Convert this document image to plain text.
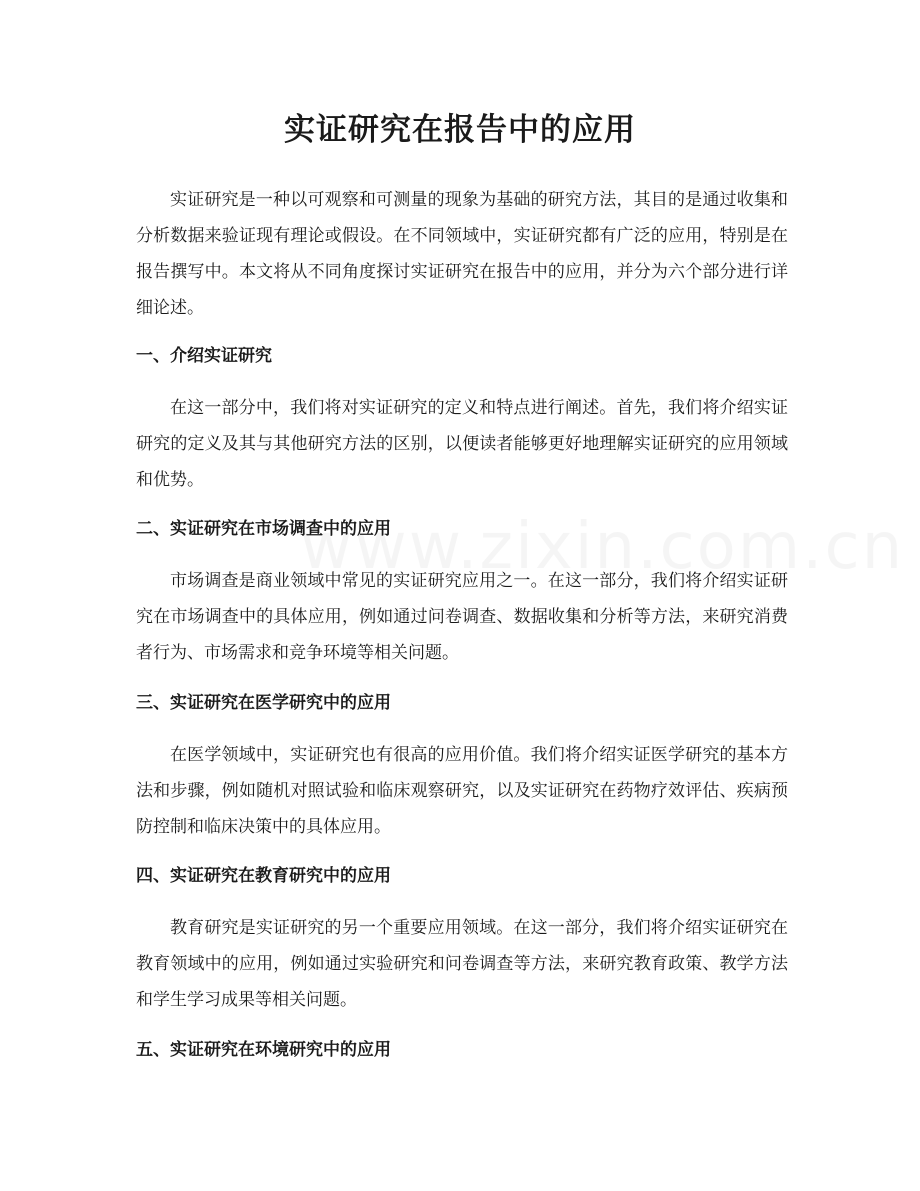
实证研究在报告中的应用

实证研究是一种以可观察和可测量的现象为基础的研究方法，其目的是通过收集和分析数据来验证现有理论或假设。在不同领域中，实证研究都有广泛的应用，特别是在报告撰写中。本文将从不同角度探讨实证研究在报告中的应用，并分为六个部分进行详细论述。

一、介绍实证研究

在这一部分中，我们将对实证研究的定义和特点进行阐述。首先，我们将介绍实证研究的定义及其与其他研究方法的区别，以便读者能够更好地理解实证研究的应用领域和优势。

二、实证研究在市场调查中的应用

市场调查是商业领域中常见的实证研究应用之一。在这一部分，我们将介绍实证研究在市场调查中的具体应用，例如通过问卷调查、数据收集和分析等方法，来研究消费者行为、市场需求和竞争环境等相关问题。

三、实证研究在医学研究中的应用

在医学领域中，实证研究也有很高的应用价值。我们将介绍实证医学研究的基本方法和步骤，例如随机对照试验和临床观察研究，以及实证研究在药物疗效评估、疾病预防控制和临床决策中的具体应用。

四、实证研究在教育研究中的应用

教育研究是实证研究的另一个重要应用领域。在这一部分，我们将介绍实证研究在教育领域中的应用，例如通过实验研究和问卷调查等方法，来研究教育政策、教学方法和学生学习成果等相关问题。

五、实证研究在环境研究中的应用
